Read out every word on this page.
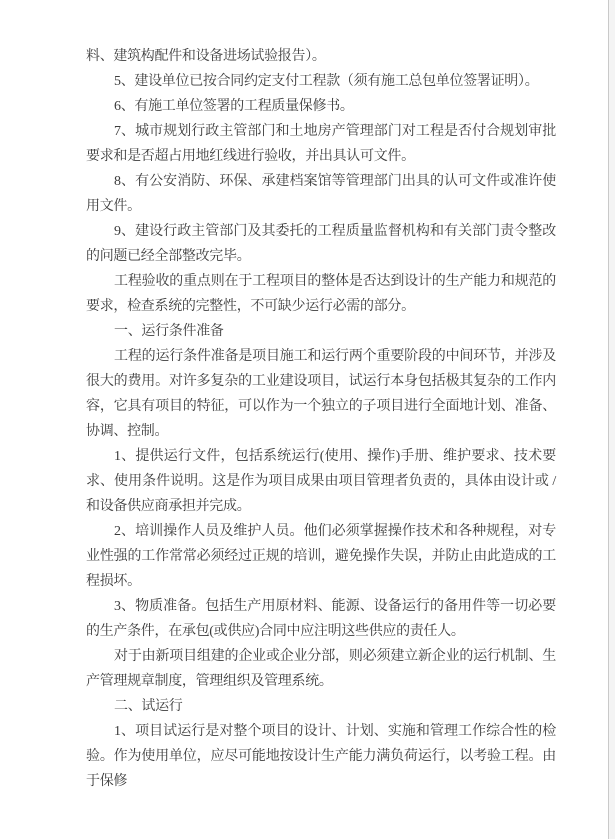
料、建筑构配件和设备进场试验报告）。

5、建设单位已按合同约定支付工程款（须有施工总包单位签署证明）。

6、有施工单位签署的工程质量保修书。

7、城市规划行政主管部门和土地房产管理部门对工程是否付合规划审批要求和是否超占用地红线进行验收，并出具认可文件。

8、有公安消防、环保、承建档案馆等管理部门出具的认可文件或准许使用文件。

9、建设行政主管部门及其委托的工程质量监督机构和有关部门责令整改的问题已经全部整改完毕。

工程验收的重点则在于工程项目的整体是否达到设计的生产能力和规范的要求，检查系统的完整性，不可缺少运行必需的部分。

一、运行条件准备

工程的运行条件准备是项目施工和运行两个重要阶段的中间环节，并涉及很大的费用。对许多复杂的工业建设项目，试运行本身包括极其复杂的工作内容，它具有项目的特征，可以作为一个独立的子项目进行全面地计划、准备、协调、控制。

1、提供运行文件，包括系统运行(使用、操作)手册、维护要求、技术要求、使用条件说明。这是作为项目成果由项目管理者负责的，具体由设计或 / 和设备供应商承担并完成。

2、培训操作人员及维护人员。他们必须掌握操作技术和各种规程，对专业性强的工作常常必须经过正规的培训，避免操作失误，并防止由此造成的工程损坏。

3、物质准备。包括生产用原材料、能源、设备运行的备用件等一切必要的生产条件，在承包(或供应)合同中应注明这些供应的责任人。

对于由新项目组建的企业或企业分部，则必须建立新企业的运行机制、生产管理规章制度，管理组织及管理系统。

二、试运行

1、项目试运行是对整个项目的设计、计划、实施和管理工作综合性的检验。作为使用单位，应尽可能地按设计生产能力满负荷运行，以考验工程。由于保修
